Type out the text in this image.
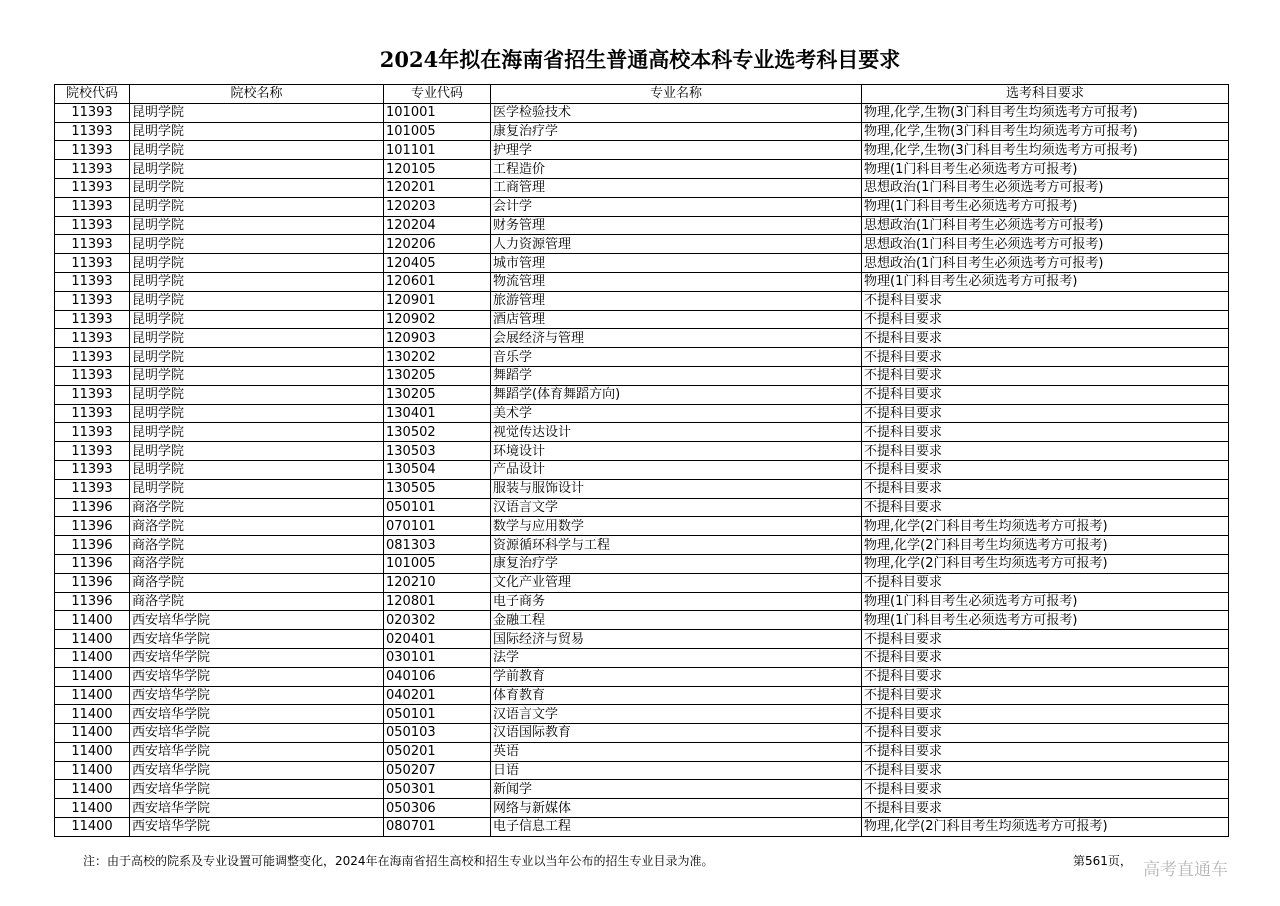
2024年拟在海南省招生普通高校本科专业选考科目要求
院校代码	院校名称	专业代码	专业名称	选考科目要求
11393	昆明学院	101001	医学检验技术	物理,化学,生物(3门科目考生均须选考方可报考)
11393	昆明学院	101005	康复治疗学	物理,化学,生物(3门科目考生均须选考方可报考)
11393	昆明学院	101101	护理学	物理,化学,生物(3门科目考生均须选考方可报考)
11393	昆明学院	120105	工程造价	物理(1门科目考生必须选考方可报考)
11393	昆明学院	120201	工商管理	思想政治(1门科目考生必须选考方可报考)
11393	昆明学院	120203	会计学	物理(1门科目考生必须选考方可报考)
11393	昆明学院	120204	财务管理	思想政治(1门科目考生必须选考方可报考)
11393	昆明学院	120206	人力资源管理	思想政治(1门科目考生必须选考方可报考)
11393	昆明学院	120405	城市管理	思想政治(1门科目考生必须选考方可报考)
11393	昆明学院	120601	物流管理	物理(1门科目考生必须选考方可报考)
11393	昆明学院	120901	旅游管理	不提科目要求
11393	昆明学院	120902	酒店管理	不提科目要求
11393	昆明学院	120903	会展经济与管理	不提科目要求
11393	昆明学院	130202	音乐学	不提科目要求
11393	昆明学院	130205	舞蹈学	不提科目要求
11393	昆明学院	130205	舞蹈学(体育舞蹈方向)	不提科目要求
11393	昆明学院	130401	美术学	不提科目要求
11393	昆明学院	130502	视觉传达设计	不提科目要求
11393	昆明学院	130503	环境设计	不提科目要求
11393	昆明学院	130504	产品设计	不提科目要求
11393	昆明学院	130505	服装与服饰设计	不提科目要求
11396	商洛学院	050101	汉语言文学	不提科目要求
11396	商洛学院	070101	数学与应用数学	物理,化学(2门科目考生均须选考方可报考)
11396	商洛学院	081303	资源循环科学与工程	物理,化学(2门科目考生均须选考方可报考)
11396	商洛学院	101005	康复治疗学	物理,化学(2门科目考生均须选考方可报考)
11396	商洛学院	120210	文化产业管理	不提科目要求
11396	商洛学院	120801	电子商务	物理(1门科目考生必须选考方可报考)
11400	西安培华学院	020302	金融工程	物理(1门科目考生必须选考方可报考)
11400	西安培华学院	020401	国际经济与贸易	不提科目要求
11400	西安培华学院	030101	法学	不提科目要求
11400	西安培华学院	040106	学前教育	不提科目要求
11400	西安培华学院	040201	体育教育	不提科目要求
11400	西安培华学院	050101	汉语言文学	不提科目要求
11400	西安培华学院	050103	汉语国际教育	不提科目要求
11400	西安培华学院	050201	英语	不提科目要求
11400	西安培华学院	050207	日语	不提科目要求
11400	西安培华学院	050301	新闻学	不提科目要求
11400	西安培华学院	050306	网络与新媒体	不提科目要求
11400	西安培华学院	080701	电子信息工程	物理,化学(2门科目考生均须选考方可报考)
注：由于高校的院系及专业设置可能调整变化，2024年在海南省招生高校和招生专业以当年公布的招生专业目录为准。	第561页， 高考直通车
